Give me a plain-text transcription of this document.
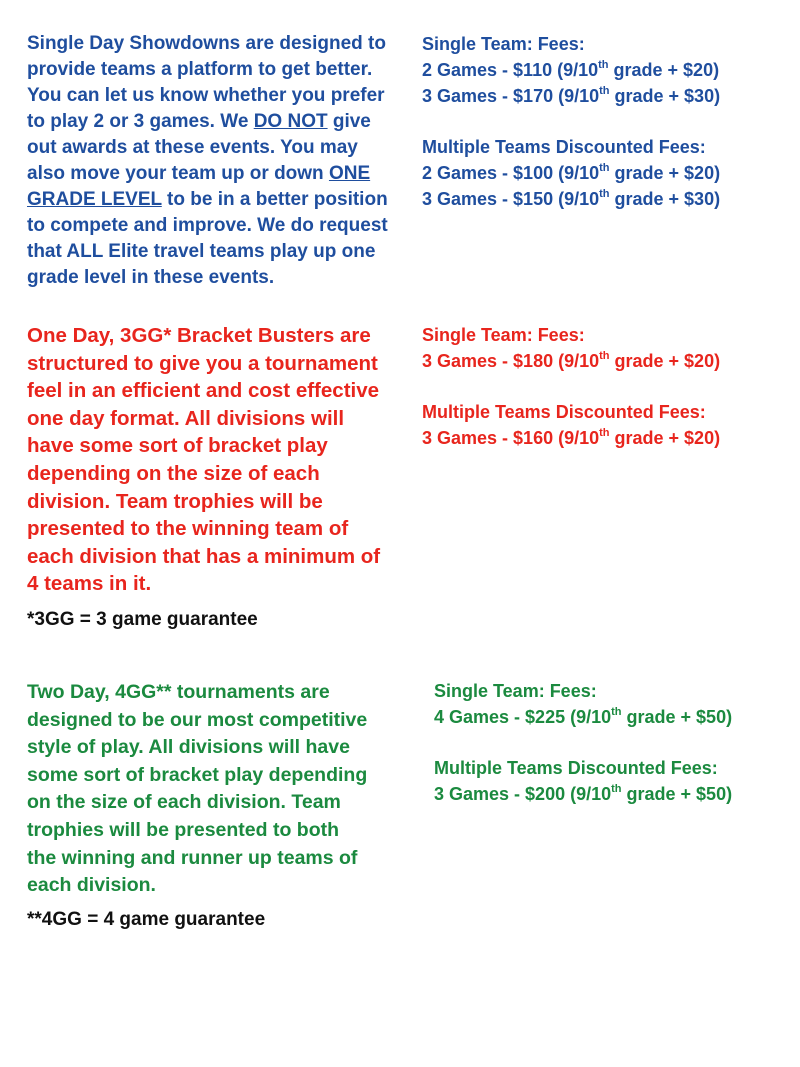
Single Day Showdowns are designed to
provide teams a platform to get better.
You can let us know whether you prefer
to play 2 or 3 games. We DO NOT give
out awards at these events. You may
also move your team up or down ONE
GRADE LEVEL to be in a better position
to compete and improve. We do request
that ALL Elite travel teams play up one
grade level in these events.
Single Team: Fees:
2 Games - $110 (9/10th grade + $20)
3 Games - $170 (9/10th grade + $30)
Multiple Teams Discounted Fees:
2 Games - $100 (9/10th grade + $20)
3 Games - $150 (9/10th grade + $30)
One Day, 3GG* Bracket Busters are
structured to give you a tournament
feel in an efficient and cost effective
one day format. All divisions will
have some sort of bracket play
depending on the size of each
division. Team trophies will be
presented to the winning team of
each division that has a minimum of
4 teams in it.
*3GG = 3 game guarantee
Single Team: Fees:
3 Games - $180 (9/10th grade + $20)
Multiple Teams Discounted Fees:
3 Games - $160 (9/10th grade + $20)
Two Day, 4GG** tournaments are
designed to be our most competitive
style of play. All divisions will have
some sort of bracket play depending
on the size of each division. Team
trophies will be presented to both
the winning and runner up teams of
each division.
**4GG = 4 game guarantee
Single Team: Fees:
4 Games - $225 (9/10th grade + $50)
Multiple Teams Discounted Fees:
3 Games - $200 (9/10th grade + $50)
